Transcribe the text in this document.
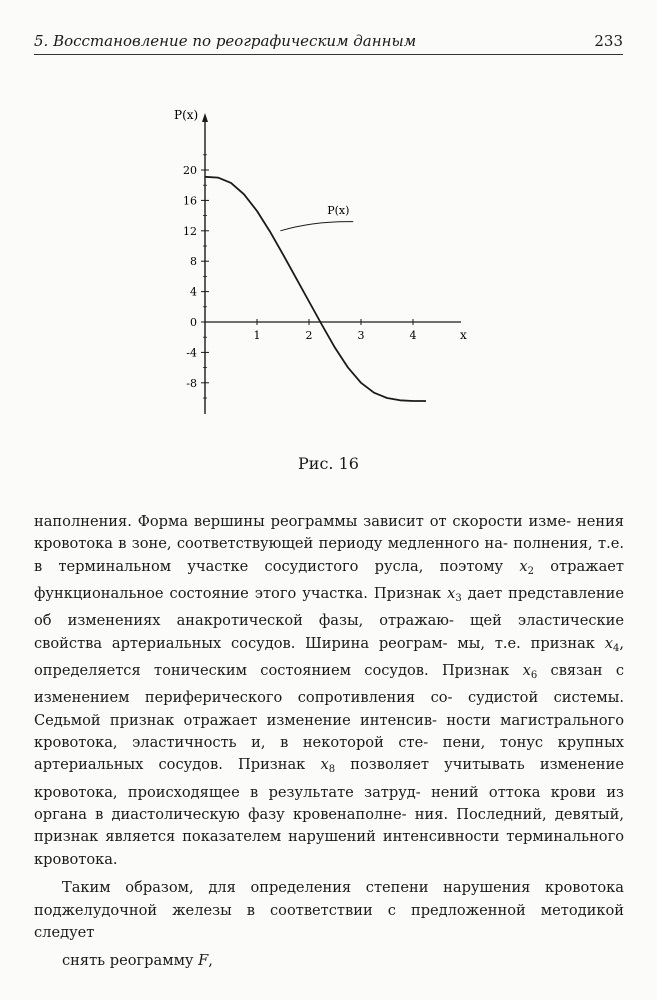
5. Восстановление по реографическим данным	233
P(x)
x
20
16
12
8
4
0
-4
-8
1	2	3	4
P(x)
Рис. 16

наполнения. Форма вершины реограммы зависит от скорости изме- нения кровотока в зоне, соответствующей периоду медленного на- полнения, т.е. в терминальном участке сосудистого русла, поэтому $x_2$ отражает функциональное состояние этого участка. Признак $x_3$ дает представление об изменениях анакротической фазы, отражаю- щей эластические свойства артериальных сосудов. Ширина реограм- мы, т.е. признак $x_4$, определяется тоническим состоянием сосудов. Признак $x_6$ связан с изменением периферического сопротивления со- судистой системы. Седьмой признак отражает изменение интенсив- ности магистрального кровотока, эластичность и, в некоторой сте- пени, тонус крупных артериальных сосудов. Признак $x_8$ позволяет учитывать изменение кровотока, происходящее в результате затруд- нений оттока крови из органа в диастолическую фазу кровенаполне- ния. Последний, девятый, признак является показателем нарушений интенсивности терминального кровотока.

Таким образом, для определения степени нарушения кровотока поджелудочной железы в соответствии с предложенной методикой следует

снять реограмму F,
